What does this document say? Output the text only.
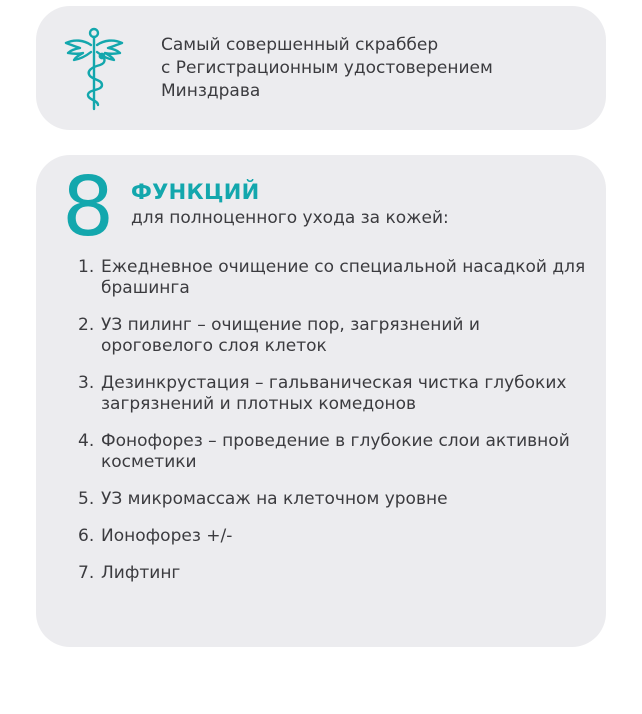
Самый совершенный скраббер
с Регистрационным удостоверением
Минздрава
8 ФУНКЦИЙ
для полноценного ухода за кожей:
1. Ежедневное очищение со специальной насадкой для брашинга
2. УЗ пилинг – очищение пор, загрязнений и ороговелого слоя клеток
3. Дезинкрустация – гальваническая чистка глубоких загрязнений и плотных комедонов
4. Фонофорез – проведение в глубокие слои активной косметики
5. УЗ микромассаж на клеточном уровне
6. Ионофорез +/-
7. Лифтинг
